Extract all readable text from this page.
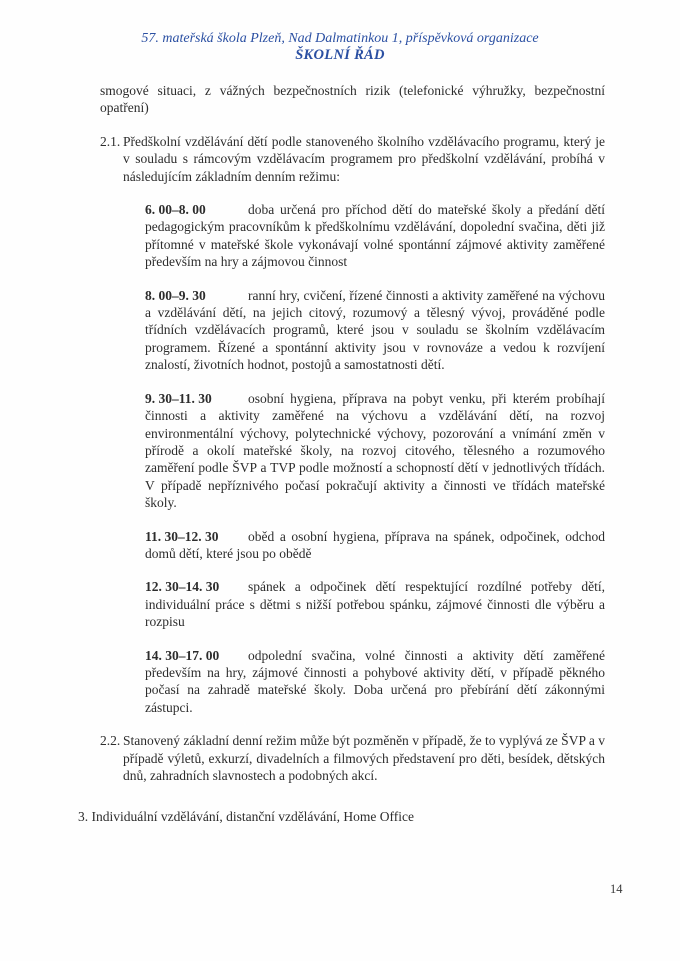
57. mateřská škola Plzeň, Nad Dalmatinkou 1, příspěvková organizace
ŠKOLNÍ ŘÁD

smogové situaci, z vážných bezpečnostních rizik (telefonické výhružky, bezpečnostní opatření)

2.1. Předškolní vzdělávání dětí podle stanoveného školního vzdělávacího programu, který je v souladu s rámcovým vzdělávacím programem pro předškolní vzdělávání, probíhá v následujícím základním denním režimu:

6. 00–8. 00	doba určená pro příchod dětí do mateřské školy a předání dětí pedagogickým pracovníkům k předškolnímu vzdělávání, dopolední svačina, děti již přítomné v mateřské škole vykonávají volné spontánní zájmové aktivity zaměřené především na hry a zájmovou činnost

8. 00–9. 30	ranní hry, cvičení, řízené činnosti a aktivity zaměřené na výchovu a vzdělávání dětí, na jejich citový, rozumový a tělesný vývoj, prováděné podle třídních vzdělávacích programů, které jsou v souladu se školním vzdělávacím programem. Řízené a spontánní aktivity jsou v rovnováze a vedou k rozvíjení znalostí, životních hodnot, postojů a samostatnosti dětí.

9. 30–11. 30	osobní hygiena, příprava na pobyt venku, při kterém probíhají činnosti a aktivity zaměřené na výchovu a vzdělávání dětí, na rozvoj environmentální výchovy, polytechnické výchovy, pozorování a vnímání změn v přírodě a okolí mateřské školy, na rozvoj citového, tělesného a rozumového zaměření podle ŠVP a TVP podle možností a schopností dětí v jednotlivých třídách. V případě nepříznivého počasí pokračují aktivity a činnosti ve třídách mateřské školy.

11. 30–12. 30 oběd a osobní hygiena, příprava na spánek, odpočinek, odchod domů dětí, které jsou po obědě

12. 30–14. 30 spánek a odpočinek dětí respektující rozdílné potřeby dětí, individuální práce s dětmi s nižší potřebou spánku, zájmové činnosti dle výběru a rozpisu

14. 30–17. 00 odpolední svačina, volné činnosti a aktivity dětí zaměřené především na hry, zájmové činnosti a pohybové aktivity dětí, v případě pěkného počasí na zahradě mateřské školy. Doba určená pro přebírání dětí zákonnými zástupci.

2.2. Stanovený základní denní režim může být pozměněn v případě, že to vyplývá ze ŠVP a v případě výletů, exkurzí, divadelních a filmových představení pro děti, besídek, dětských dnů, zahradních slavnostech a podobných akcí.

3. Individuální vzdělávání, distanční vzdělávání, Home Office

14
